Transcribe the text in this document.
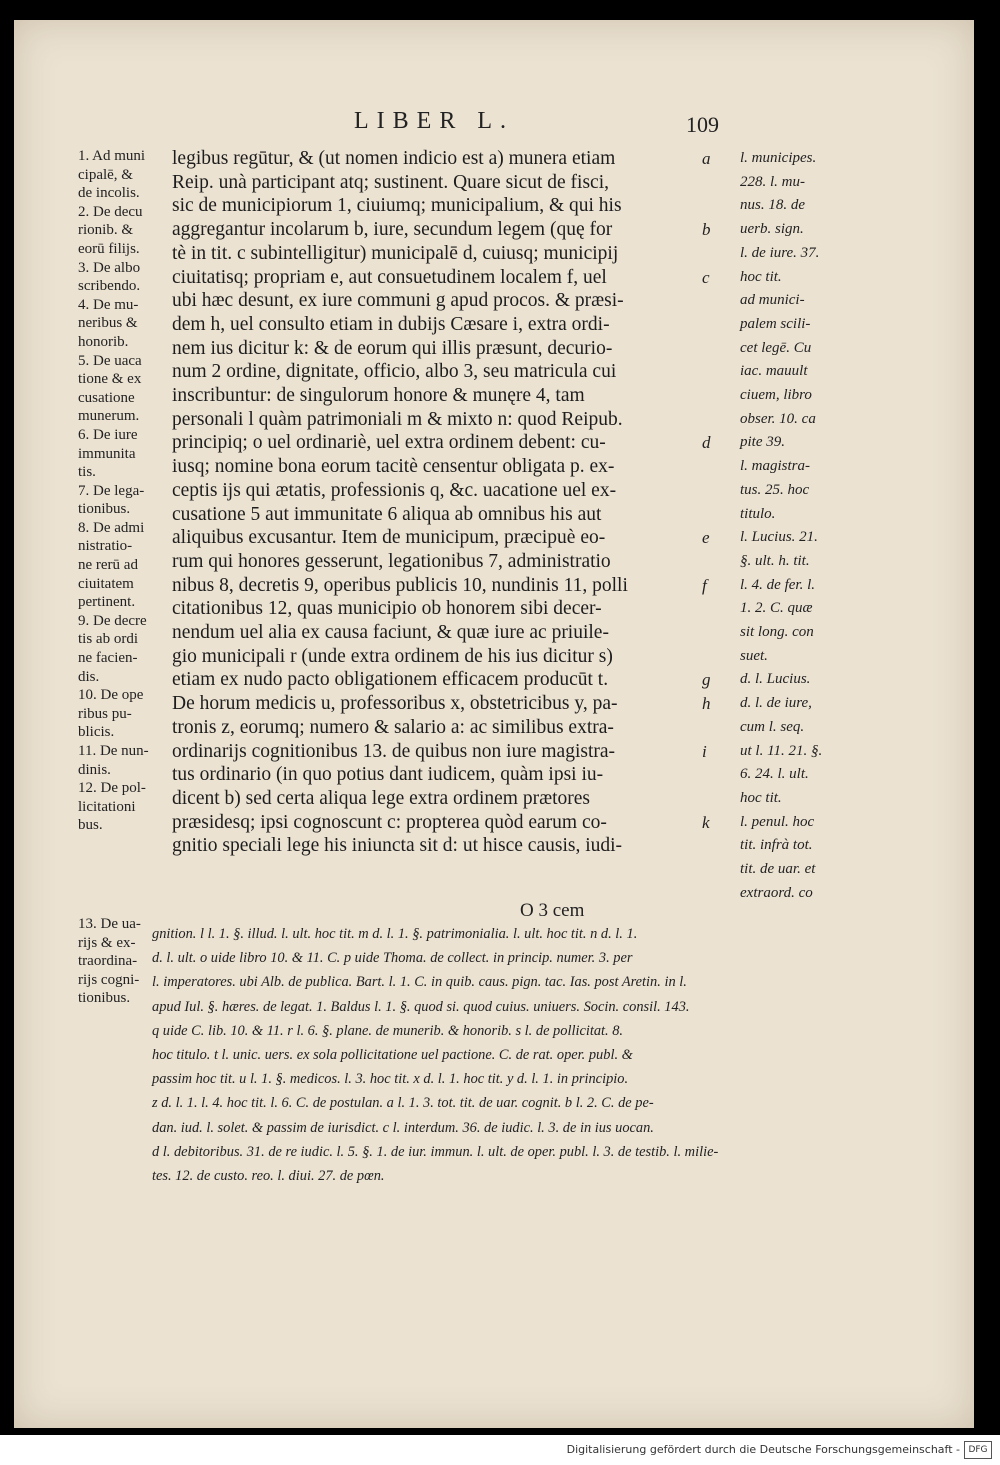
LIBER L.	109
1. Ad muni
cipalē, &
de incolis.
2. De decu
rionib. &
eorū filijs.
3. De albo
scribendo.
4. De mu-
neribus &
honorib.
5. De uaca
tione & ex
cusatione
munerum.
6. De iure
immunita
tis.
7. De lega-
tionibus.
8. De admi
nistratio-
ne rerū ad
ciuitatem
pertinent.
9. De decre
tis ab ordi
ne facien-
dis.
10. De ope
ribus pu-
blicis.
11. De nun-
dinis.
12. De pol-
licitationi
bus.
legibus regūtur, & (ut nomen indicio est a) munera etiam
Reip. unà participant atq; sustinent. Quare sicut de fisci,
sic de municipiorum 1, ciuiumq; municipalium, & qui his
aggregantur incolarum b, iure, secundum legem (quę for
tè in tit. c subintelligitur) municipalē d, cuiusq; municipij
ciuitatisq; propriam e, aut consuetudinem localem f, uel
ubi hæc desunt, ex iure communi g apud procos. & præsi-
dem h, uel consulto etiam in dubijs Cæsare i, extra ordi-
nem ius dicitur k: & de eorum qui illis præsunt, decurio-
num 2 ordine, dignitate, officio, albo 3, seu matricula cui
inscribuntur: de singulorum honore & munęre 4, tam
personali l quàm patrimoniali m & mixto n: quod Reipub.
principiq; o uel ordinariè, uel extra ordinem debent: cu-
iusq; nomine bona eorum tacitè censentur obligata p. ex-
ceptis ijs qui ætatis, professionis q, &c. uacatione uel ex-
cusatione 5 aut immunitate 6 aliqua ab omnibus his aut
aliquibus excusantur. Item de municipum, præcipuè eo-
rum qui honores gesserunt, legationibus 7, administratio
nibus 8, decretis 9, operibus publicis 10, nundinis 11, polli
citationibus 12, quas municipio ob honorem sibi decer-
nendum uel alia ex causa faciunt, & quæ iure ac priuile-
gio municipali r (unde extra ordinem de his ius dicitur s)
etiam ex nudo pacto obligationem efficacem producūt t.
De horum medicis u, professoribus x, obstetricibus y, pa-
tronis z, eorumq; numero & salario a: ac similibus extra-
ordinarijs cognitionibus 13. de quibus non iure magistra-
tus ordinario (in quo potius dant iudicem, quàm ipsi iu-
dicent b) sed certa aliqua lege extra ordinem prætores
præsidesq; ipsi cognoscunt c: propterea quòd earum co-
gnitio speciali lege his iniuncta sit d: ut hisce causis, iudi-
O 3 cem
a

b

c

d

e

f

g
h

i

k
l. municipes.
228. l. mu-
nus. 18. de
uerb. sign.
l. de iure. 37.
hoc tit.
ad munici-
palem scili-
cet legē. Cu
iac. mauult
ciuem, libro
obser. 10. ca
pite 39.
l. magistra-
tus. 25. hoc
titulo.
l. Lucius. 21.
§. ult. h. tit.
l. 4. de fer. l.
1. 2. C. quæ
sit long. con
suet.
d. l. Lucius.
d. l. de iure,
cum l. seq.
ut l. 11. 21. §.
6. 24. l. ult.
hoc tit.
l. penul. hoc
tit. infrà tot.
tit. de uar. et
extraord. co
13. De ua-
rijs & ex-
traordina-
rijs cogni-
tionibus.
gnition. l l. 1. §. illud. l. ult. hoc tit. m d. l. 1. §. patrimonialia. l. ult. hoc tit. n d. l. 1.
d. l. ult. o uide libro 10. & 11. C. p uide Thoma. de collect. in princip. numer. 3. per
l. imperatores. ubi Alb. de publica. Bart. l. 1. C. in quib. caus. pign. tac. Ias. post Aretin. in l.
apud Iul. §. hæres. de legat. 1. Baldus l. 1. §. quod si. quod cuius. uniuers. Socin. consil. 143.
q uide C. lib. 10. & 11. r l. 6. §. plane. de munerib. & honorib. s l. de pollicitat. 8.
hoc titulo. t l. unic. uers. ex sola pollicitatione uel pactione. C. de rat. oper. publ. &
passim hoc tit. u l. 1. §. medicos. l. 3. hoc tit. x d. l. 1. hoc tit. y d. l. 1. in principio.
z d. l. 1. l. 4. hoc tit. l. 6. C. de postulan. a l. 1. 3. tot. tit. de uar. cognit. b l. 2. C. de pe-
dan. iud. l. solet. & passim de iurisdict. c l. interdum. 36. de iudic. l. 3. de in ius uocan.
d l. debitoribus. 31. de re iudic. l. 5. §. 1. de iur. immun. l. ult. de oper. publ. l. 3. de testib. l. milie-
tes. 12. de custo. reo. l. diui. 27. de pœn.
Digitalisierung gefördert durch die Deutsche Forschungsgemeinschaft - DFG
